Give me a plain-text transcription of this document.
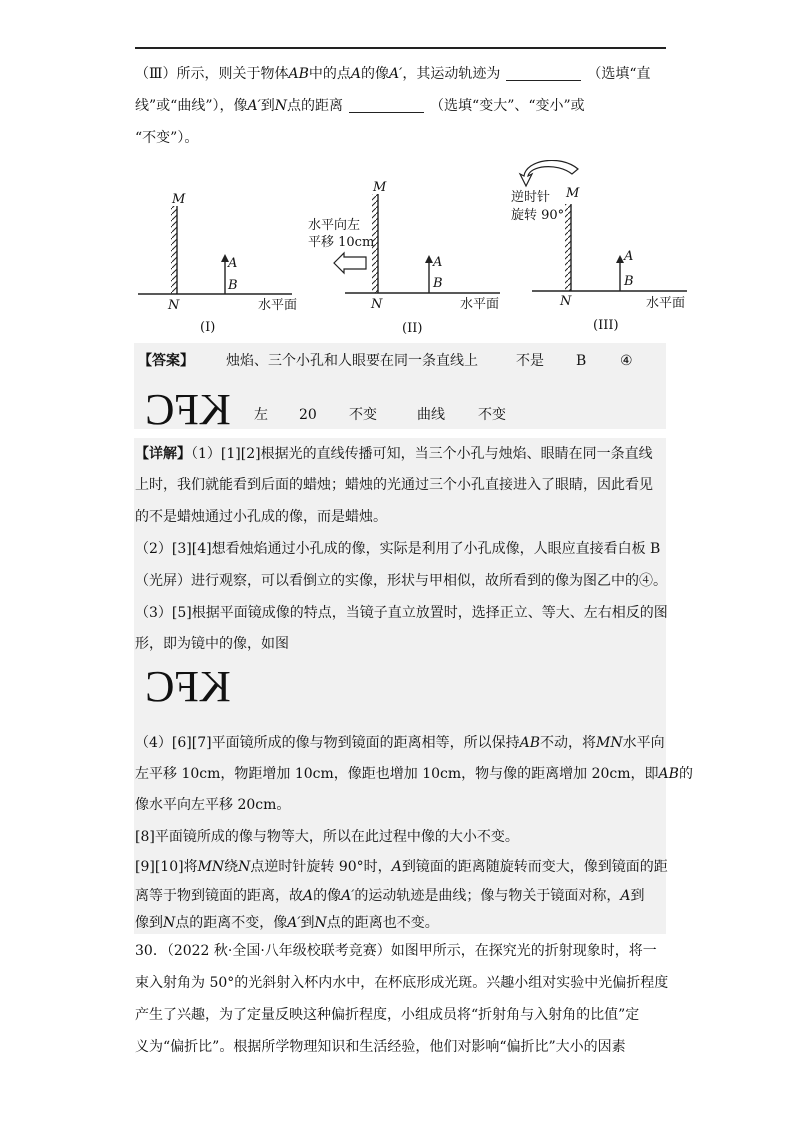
（Ⅲ）所示，则关于物体AB中的点A的像A′，其运动轨迹为	（选填“直
线”或“曲线”），像A′到N点的距离	（选填“变大”、“变小”或
“不变”）。
M
A
B
N	水平面
(I)
M
A
B
N	水平面
(II)
水平向左
平移 10cm
M
A
B
N	水平面
(III)
逆时针
旋转 90°
【答案】 烛焰、三个小孔和人眼要在同一条直线上	不是 B ④
KFC 左 20 不变	曲线 不变
【详解】（1）[1][2]根据光的直线传播可知，当三个小孔与烛焰、眼睛在同一条直线
上时，我们就能看到后面的蜡烛；蜡烛的光通过三个小孔直接进入了眼睛，因此看见
的不是蜡烛通过小孔成的像，而是蜡烛。
（2）[3][4]想看烛焰通过小孔成的像，实际是利用了小孔成像，人眼应直接看白板 B
（光屏）进行观察，可以看倒立的实像，形状与甲相似，故所看到的像为图乙中的④。
（3）[5]根据平面镜成像的特点，当镜子直立放置时，选择正立、等大、左右相反的图
形，即为镜中的像，如图
KFC
（4）[6][7]平面镜所成的像与物到镜面的距离相等，所以保持AB不动，将MN水平向
左平移 10cm，物距增加 10cm，像距也增加 10cm，物与像的距离增加 20cm，即AB的
像水平向左平移 20cm。
[8]平面镜所成的像与物等大，所以在此过程中像的大小不变。
[9][10]将MN绕N点逆时针旋转 90°时，A到镜面的距离随旋转而变大，像到镜面的距
离等于物到镜面的距离，故A的像A′的运动轨迹是曲线；像与物关于镜面对称，A到
像到N点的距离不变，像A′到N点的距离也不变。
30．（2022 秋·全国·八年级校联考竞赛）如图甲所示，在探究光的折射现象时，将一
束入射角为 50°的光斜射入杯内水中，在杯底形成光斑。兴趣小组对实验中光偏折程度
产生了兴趣，为了定量反映这种偏折程度，小组成员将“折射角与入射角的比值”定
义为“偏折比”。根据所学物理知识和生活经验，他们对影响“偏折比”大小的因素
